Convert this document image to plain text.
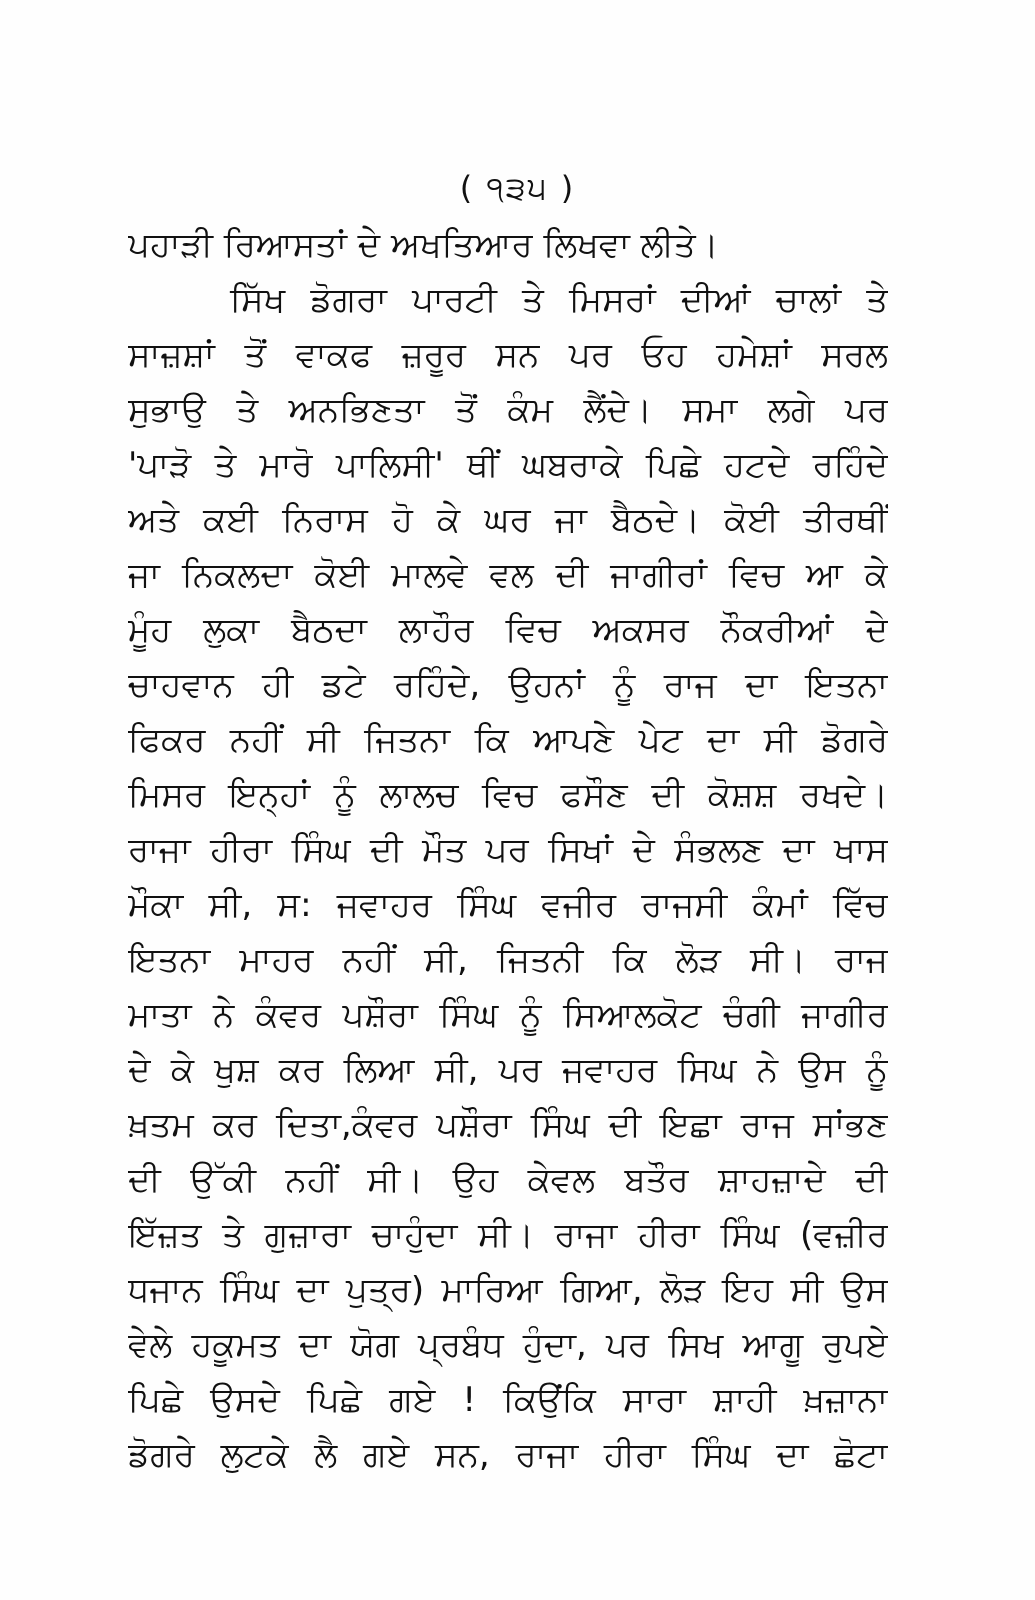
( ੧੩੫ )
ਪਹਾੜੀ ਰਿਆਸਤਾਂ ਦੇ ਅਖਤਿਆਰ ਲਿਖਵਾ ਲੀਤੇ।
ਸਿੱਖ ਡੋਗਰਾ ਪਾਰਟੀ ਤੇ ਮਿਸਰਾਂ ਦੀਆਂ ਚਾਲਾਂ ਤੇ
ਸਾਜ਼ਸ਼ਾਂ ਤੋਂ ਵਾਕਫ ਜ਼ਰੂਰ ਸਨ ਪਰ ਓਹ ਹਮੇਸ਼ਾਂ ਸਰਲ
ਸੁਭਾਉ ਤੇ ਅਨਭਿਣਤਾ ਤੋਂ ਕੰਮ ਲੈਂਦੇ। ਸਮਾ ਲਗੇ ਪਰ
'ਪਾੜੋ ਤੇ ਮਾਰੋ ਪਾਲਿਸੀ' ਥੀਂ ਘਬਰਾਕੇ ਪਿਛੇ ਹਟਦੇ ਰਹਿੰਦੇ
ਅਤੇ ਕਈ ਨਿਰਾਸ ਹੋ ਕੇ ਘਰ ਜਾ ਬੈਠਦੇ। ਕੋਈ ਤੀਰਥੀਂ
ਜਾ ਨਿਕਲਦਾ ਕੋਈ ਮਾਲਵੇ ਵਲ ਦੀ ਜਾਗੀਰਾਂ ਵਿਚ ਆ ਕੇ
ਮੂੰਹ ਲੁਕਾ ਬੈਠਦਾ ਲਾਹੌਰ ਵਿਚ ਅਕਸਰ ਨੌਕਰੀਆਂ ਦੇ
ਚਾਹਵਾਨ ਹੀ ਡਟੇ ਰਹਿੰਦੇ, ਉਹਨਾਂ ਨੂੰ ਰਾਜ ਦਾ ਇਤਨਾ
ਫਿਕਰ ਨਹੀਂ ਸੀ ਜਿਤਨਾ ਕਿ ਆਪਣੇ ਪੇਟ ਦਾ ਸੀ ਡੋਗਰੇ
ਮਿਸਰ ਇਨ੍ਹਾਂ ਨੂੰ ਲਾਲਚ ਵਿਚ ਫਸੌਣ ਦੀ ਕੋਸ਼ਸ਼ ਰਖਦੇ।
ਰਾਜਾ ਹੀਰਾ ਸਿੰਘ ਦੀ ਮੌਤ ਪਰ ਸਿਖਾਂ ਦੇ ਸੰਭਲਣ ਦਾ ਖਾਸ
ਮੌਕਾ ਸੀ, ਸ: ਜਵਾਹਰ ਸਿੰਘ ਵਜੀਰ ਰਾਜਸੀ ਕੰਮਾਂ ਵਿੱਚ
ਇਤਨਾ ਮਾਹਰ ਨਹੀਂ ਸੀ, ਜਿਤਨੀ ਕਿ ਲੋੜ ਸੀ। ਰਾਜ
ਮਾਤਾ ਨੇ ਕੰਵਰ ਪਸ਼ੌਰਾ ਸਿੰਘ ਨੂੰ ਸਿਆਲਕੋਟ ਚੰਗੀ ਜਾਗੀਰ
ਦੇ ਕੇ ਖੁਸ਼ ਕਰ ਲਿਆ ਸੀ, ਪਰ ਜਵਾਹਰ ਸਿਘ ਨੇ ਉਸ ਨੂੰ
ਖ਼ਤਮ ਕਰ ਦਿਤਾ,ਕੰਵਰ ਪਸ਼ੌਰਾ ਸਿੰਘ ਦੀ ਇਛਾ ਰਾਜ ਸਾਂਭਣ
ਦੀ ਉੱਕੀ ਨਹੀਂ ਸੀ। ਉਹ ਕੇਵਲ ਬਤੌਰ ਸ਼ਾਹਜ਼ਾਦੇ ਦੀ
ਇੱਜ਼ਤ ਤੇ ਗੁਜ਼ਾਰਾ ਚਾਹੁੰਦਾ ਸੀ। ਰਾਜਾ ਹੀਰਾ ਸਿੰਘ (ਵਜ਼ੀਰ
ਧਜਾਨ ਸਿੰਘ ਦਾ ਪੁਤ੍ਰ) ਮਾਰਿਆ ਗਿਆ, ਲੋੜ ਇਹ ਸੀ ਉਸ
ਵੇਲੇ ਹਕੂਮਤ ਦਾ ਯੋਗ ਪ੍ਰਬੰਧ ਹੁੰਦਾ, ਪਰ ਸਿਖ ਆਗੂ ਰੁਪਏ
ਪਿਛੇ ਉਸਦੇ ਪਿਛੇ ਗਏ ! ਕਿਉਂਕਿ ਸਾਰਾ ਸ਼ਾਹੀ ਖ਼ਜ਼ਾਨਾ
ਡੋਗਰੇ ਲੁਟਕੇ ਲੈ ਗਏ ਸਨ, ਰਾਜਾ ਹੀਰਾ ਸਿੰਘ ਦਾ ਛੋਟਾ
